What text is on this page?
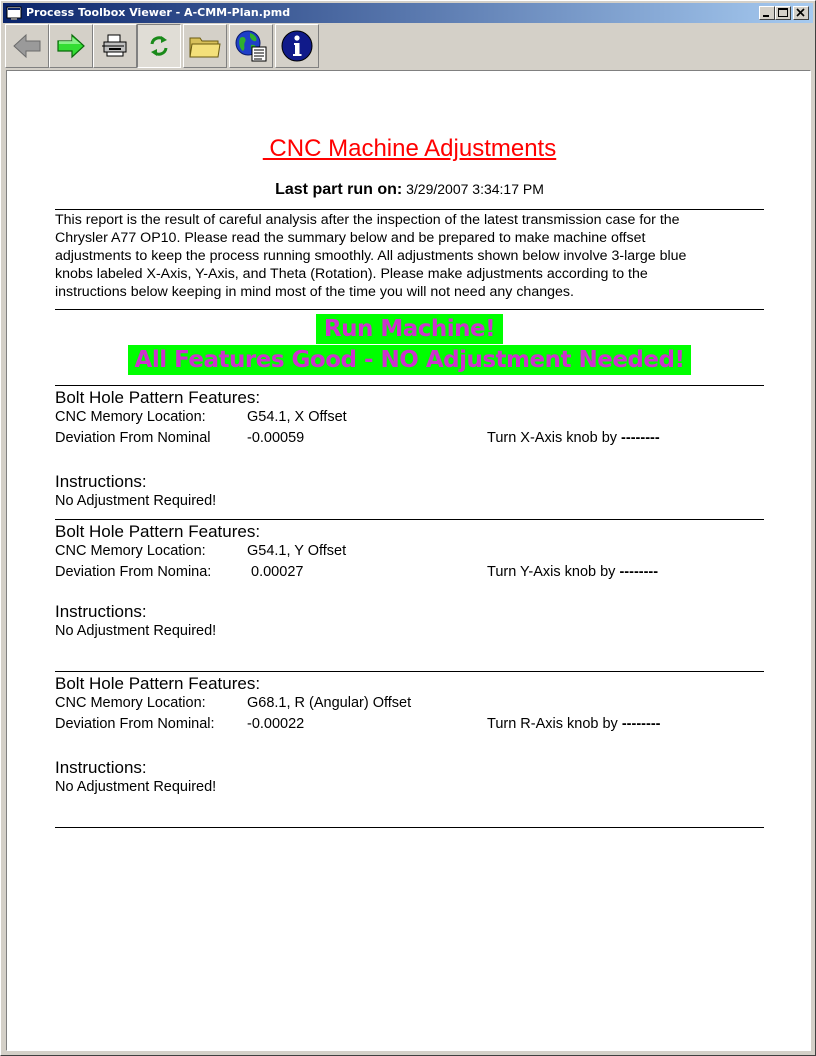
Process Toolbox Viewer - A-CMM-Plan.pmd
CNC Machine Adjustments
Last part run on: 3/29/2007 3:34:17 PM
This report is the result of careful analysis after the inspection of the latest transmission case for the
Chrysler A77 OP10. Please read the summary below and be prepared to make machine offset
adjustments to keep the process running smoothly. All adjustments shown below involve 3-large blue
knobs labeled X-Axis, Y-Axis, and Theta (Rotation). Please make adjustments according to the
instructions below keeping in mind most of the time you will not need any changes.
Run Machine!
All Features Good - NO Adjustment Needed!
Bolt Hole Pattern Features:
CNC Memory Location:	G54.1, X Offset
Deviation From Nominal	-0.00059	Turn X-Axis knob by --------
Instructions:
No Adjustment Required!
Bolt Hole Pattern Features:
CNC Memory Location:	G54.1, Y Offset
Deviation From Nomina: 0.00027	Turn Y-Axis knob by --------
Instructions:
No Adjustment Required!
Bolt Hole Pattern Features:
CNC Memory Location:	G68.1, R (Angular) Offset
Deviation From Nominal: -0.00022	Turn R-Axis knob by --------
Instructions:
No Adjustment Required!
